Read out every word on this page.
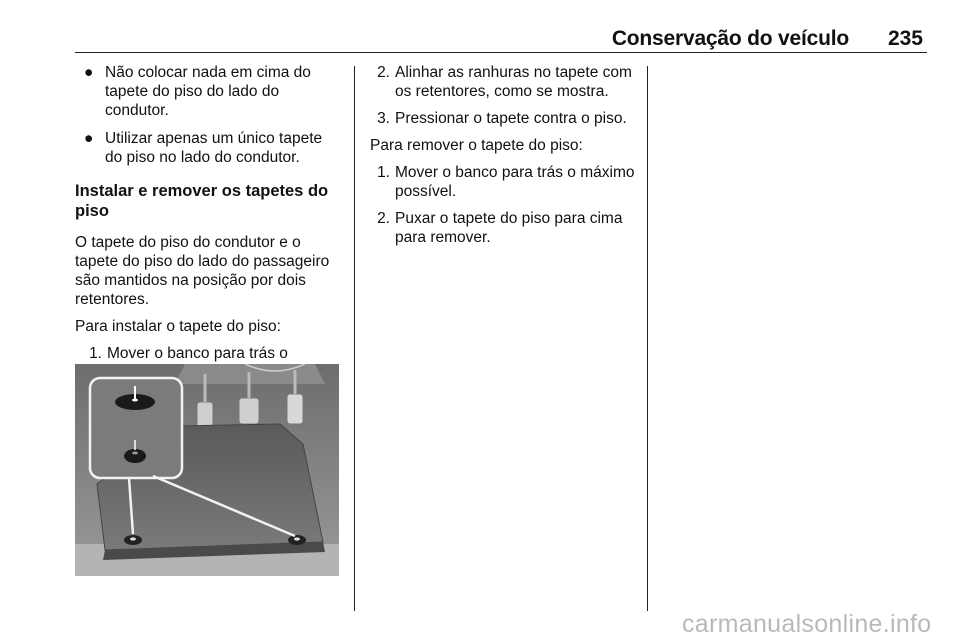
Conservação do veículo 235
● Não colocar nada em cima do tapete do piso do lado do condutor.
● Utilizar apenas um único tapete do piso no lado do condutor.
Instalar e remover os tapetes do piso

O tapete do piso do condutor e o tapete do piso do lado do passageiro são mantidos na posição por dois retentores.

Para instalar o tapete do piso:

1. Mover o banco para trás o
2. Alinhar as ranhuras no tapete com os retentores, como se mostra.
3. Pressionar o tapete contra o piso.

Para remover o tapete do piso:

1. Mover o banco para trás o máximo possível.
2. Puxar o tapete do piso para cima para remover.
carmanualsonline.info
